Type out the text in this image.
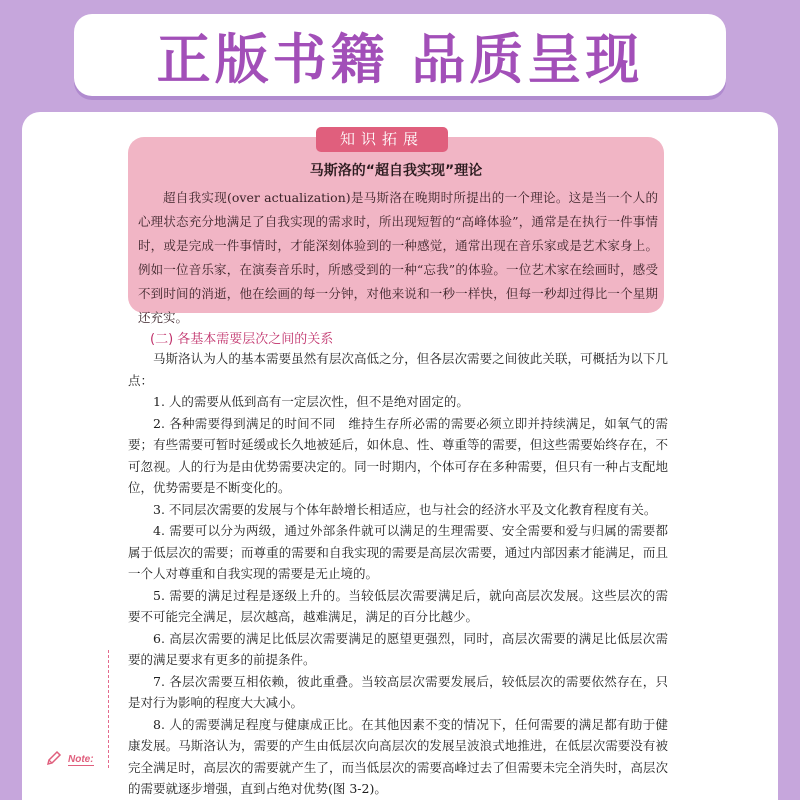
正版书籍 品质呈现
知识拓展
马斯洛的“超自我实现”理论
超自我实现(over actualization)是马斯洛在晚期时所提出的一个理论。这是当一个人的心理状态充分地满足了自我实现的需求时，所出现短暂的“高峰体验”，通常是在执行一件事情时，或是完成一件事情时，才能深刻体验到的一种感觉，通常出现在音乐家或是艺术家身上。例如一位音乐家，在演奏音乐时，所感受到的一种“忘我”的体验。一位艺术家在绘画时，感受不到时间的消逝，他在绘画的每一分钟，对他来说和一秒一样快，但每一秒却过得比一个星期还充实。
(二) 各基本需要层次之间的关系

马斯洛认为人的基本需要虽然有层次高低之分，但各层次需要之间彼此关联，可概括为以下几点：

1. 人的需要从低到高有一定层次性，但不是绝对固定的。

2. 各种需要得到满足的时间不同　维持生存所必需的需要必须立即并持续满足，如氧气的需要；有些需要可暂时延缓或长久地被延后，如休息、性、尊重等的需要，但这些需要始终存在，不可忽视。人的行为是由优势需要决定的。同一时期内，个体可存在多种需要，但只有一种占支配地位，优势需要是不断变化的。

3. 不同层次需要的发展与个体年龄增长相适应，也与社会的经济水平及文化教育程度有关。

4. 需要可以分为两级，通过外部条件就可以满足的生理需要、安全需要和爱与归属的需要都属于低层次的需要；而尊重的需要和自我实现的需要是高层次需要，通过内部因素才能满足，而且一个人对尊重和自我实现的需要是无止境的。

5. 需要的满足过程是逐级上升的。当较低层次需要满足后，就向高层次发展。这些层次的需要不可能完全满足，层次越高，越难满足，满足的百分比越少。

6. 高层次需要的满足比低层次需要满足的愿望更强烈，同时，高层次需要的满足比低层次需要的满足要求有更多的前提条件。

7. 各层次需要互相依赖，彼此重叠。当较高层次需要发展后，较低层次的需要依然存在，只是对行为影响的程度大大减小。

8. 人的需要满足程度与健康成正比。在其他因素不变的情况下，任何需要的满足都有助于健康发展。马斯洛认为，需要的产生由低层次向高层次的发展呈波浪式地推进，在低层次需要没有被完全满足时，高层次的需要就产生了，而当低层次的需要高峰过去了但需要未完全消失时，高层次的需要就逐步增强，直到占绝对优势(图 3-2)。

Note:
